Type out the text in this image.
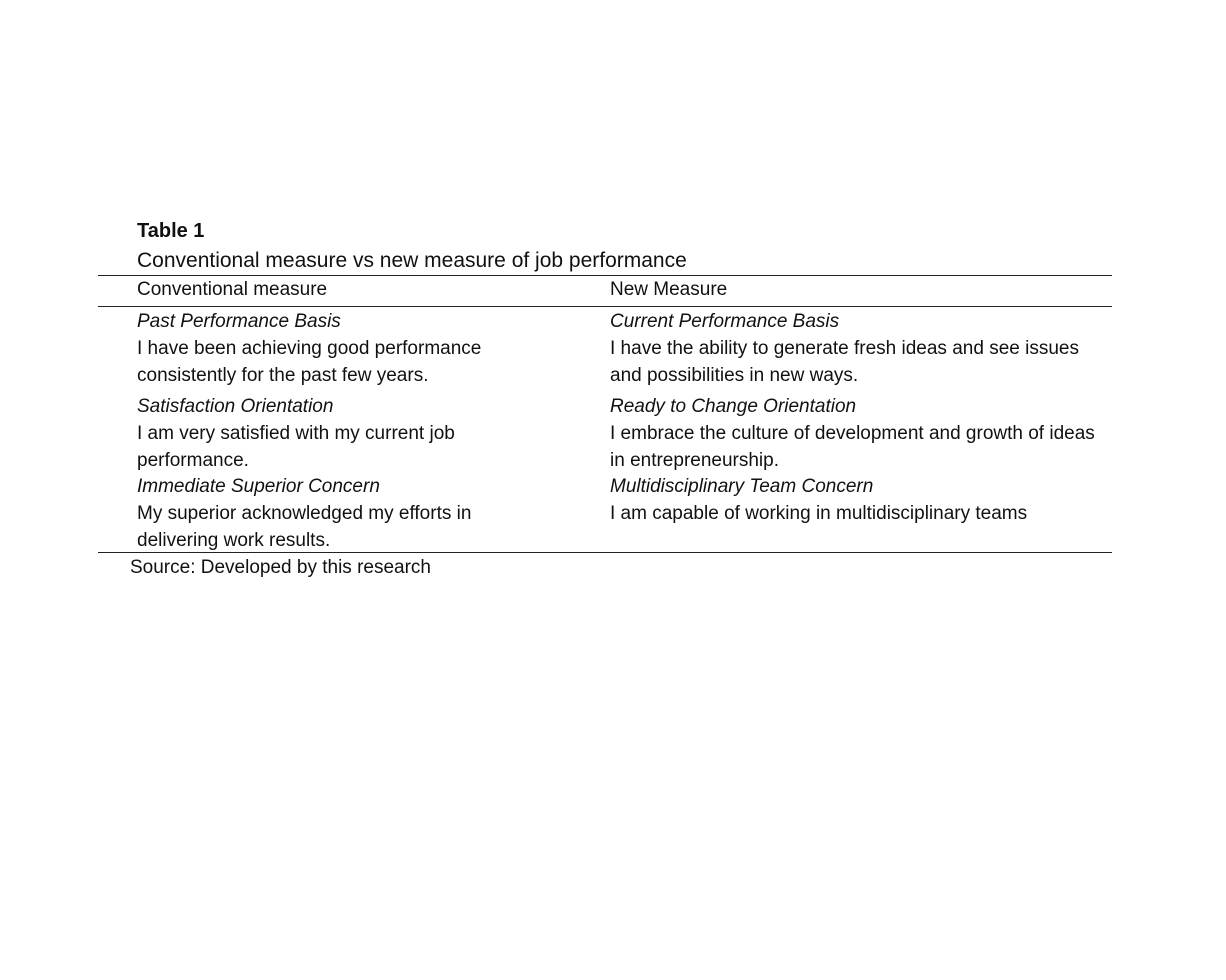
Table 1
Conventional measure vs new measure of job performance
Conventional measure	New Measure
Past Performance Basis
I have been achieving good performance consistently for the past few years.
Current Performance Basis
I have the ability to generate fresh ideas and see issues and possibilities in new ways.
Satisfaction Orientation
I am very satisfied with my current job performance.
Ready to Change Orientation
I embrace the culture of development and growth of ideas in entrepreneurship.
Immediate Superior Concern
My superior acknowledged my efforts in delivering work results.
Multidisciplinary Team Concern
I am capable of working in multidisciplinary teams
Source: Developed by this research
